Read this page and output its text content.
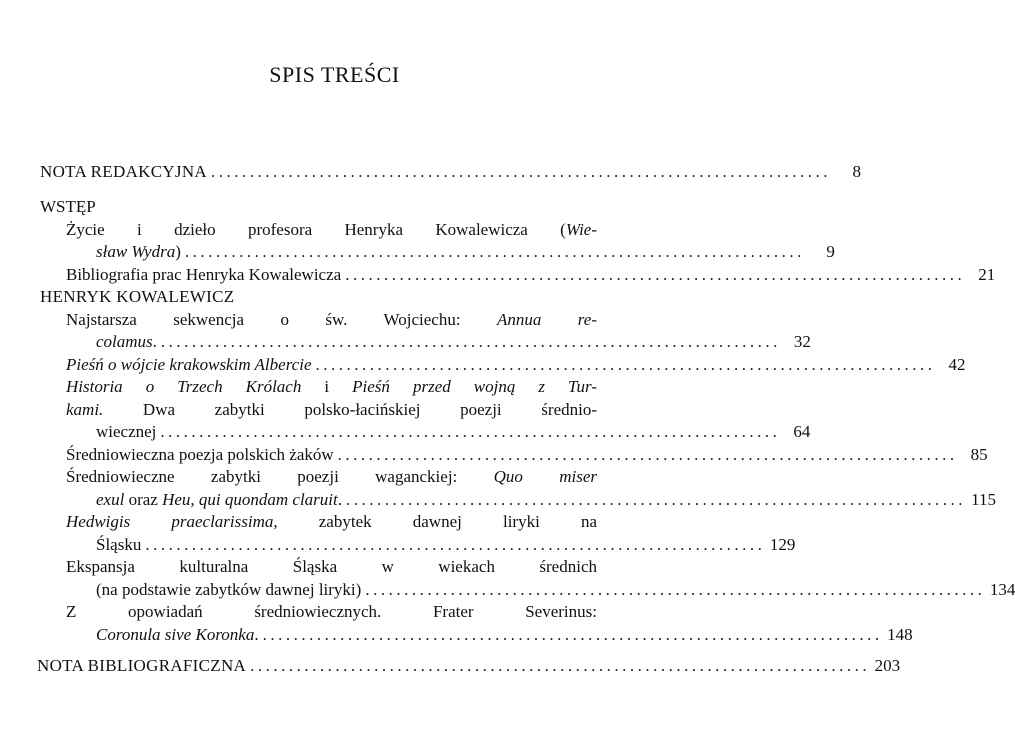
SPIS TREŚCI
NOTA REDAKCYJNA ................................................................................	8
WSTĘP
Życie i dzieło profesora Henryka Kowalewicza (Wie-
sław Wydra) ................................................................................	9
Bibliografia prac Henryka Kowalewicza ................................................................................ 21
HENRYK KOWALEWICZ
Najstarsza sekwencja o św. Wojciechu: Annua re-
colamus. ................................................................................ 32
Pieśń o wójcie krakowskim Albercie ................................................................................ 42
Historia o Trzech Królach i Pieśń przed wojną z Tur-
kami. Dwa zabytki polsko-łacińskiej poezji średnio-
wiecznej ................................................................................ 64
Średniowieczna poezja polskich żaków ................................................................................ 85
Średniowieczne zabytki poezji waganckiej: Quo miser
exul oraz Heu, qui quondam claruit. ................................................................................ 115
Hedwigis praeclarissima, zabytek dawnej liryki na
Śląsku ................................................................................ 129
Ekspansja kulturalna Śląska w wiekach średnich
(na podstawie zabytków dawnej liryki) ................................................................................ 134
Z opowiadań średniowiecznych. Frater Severinus:
Coronula sive Koronka. ................................................................................ 148
NOTA BIBLIOGRAFICZNA ................................................................................ 203
